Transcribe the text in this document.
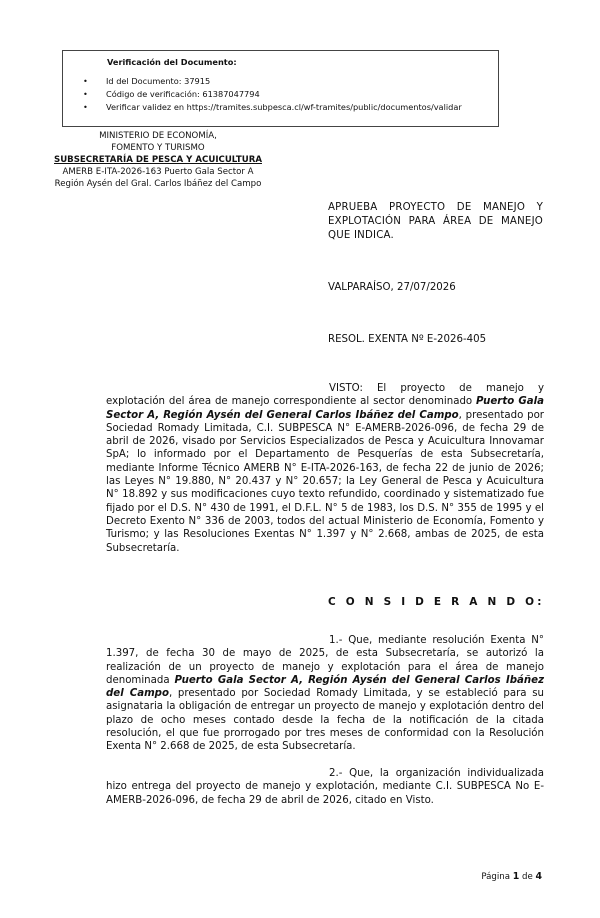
Verificación del Documento:
• Id del Documento: 37915
• Código de verificación: 61387047794
• Verificar validez en https://tramites.subpesca.cl/wf-tramites/public/documentos/validar
MINISTERIO DE ECONOMÍA,
FOMENTO Y TURISMO
SUBSECRETARÍA DE PESCA Y ACUICULTURA
AMERB E-ITA-2026-163 Puerto Gala Sector A
Región Aysén del Gral. Carlos Ibáñez del Campo
APRUEBA PROYECTO DE MANEJO Y EXPLOTACIÓN PARA ÁREA DE MANEJO QUE INDICA.
VALPARAÍSO, 27/07/2026
RESOL. EXENTA Nº E-2026-405
VISTO: El proyecto de manejo y explotación del área de manejo correspondiente al sector denominado Puerto Gala Sector A, Región Aysén del General Carlos Ibáñez del Campo, presentado por Sociedad Romady Limitada, C.I. SUBPESCA N° E-AMERB-2026-096, de fecha 29 de abril de 2026, visado por Servicios Especializados de Pesca y Acuicultura Innovamar SpA; lo informado por el Departamento de Pesquerías de esta Subsecretaría, mediante Informe Técnico AMERB N° E-ITA-2026-163, de fecha 22 de junio de 2026; las Leyes N° 19.880, N° 20.437 y N° 20.657; la Ley General de Pesca y Acuicultura N° 18.892 y sus modificaciones cuyo texto refundido, coordinado y sistematizado fue fijado por el D.S. N° 430 de 1991, el D.F.L. N° 5 de 1983, los D.S. N° 355 de 1995 y el Decreto Exento N° 336 de 2003, todos del actual Ministerio de Economía, Fomento y Turismo; y las Resoluciones Exentas N° 1.397 y N° 2.668, ambas de 2025, de esta Subsecretaría.
C O N S I D E R A N D O:
1.- Que, mediante resolución Exenta N° 1.397, de fecha 30 de mayo de 2025, de esta Subsecretaría, se autorizó la realización de un proyecto de manejo y explotación para el área de manejo denominada Puerto Gala Sector A, Región Aysén del General Carlos Ibáñez del Campo, presentado por Sociedad Romady Limitada, y se estableció para su asignataria la obligación de entregar un proyecto de manejo y explotación dentro del plazo de ocho meses contado desde la fecha de la notificación de la citada resolución, el que fue prorrogado por tres meses de conformidad con la Resolución Exenta N° 2.668 de 2025, de esta Subsecretaría.
2.- Que, la organización individualizada hizo entrega del proyecto de manejo y explotación, mediante C.I. SUBPESCA No E-AMERB-2026-096, de fecha 29 de abril de 2026, citado en Visto.
Página 1 de 4
